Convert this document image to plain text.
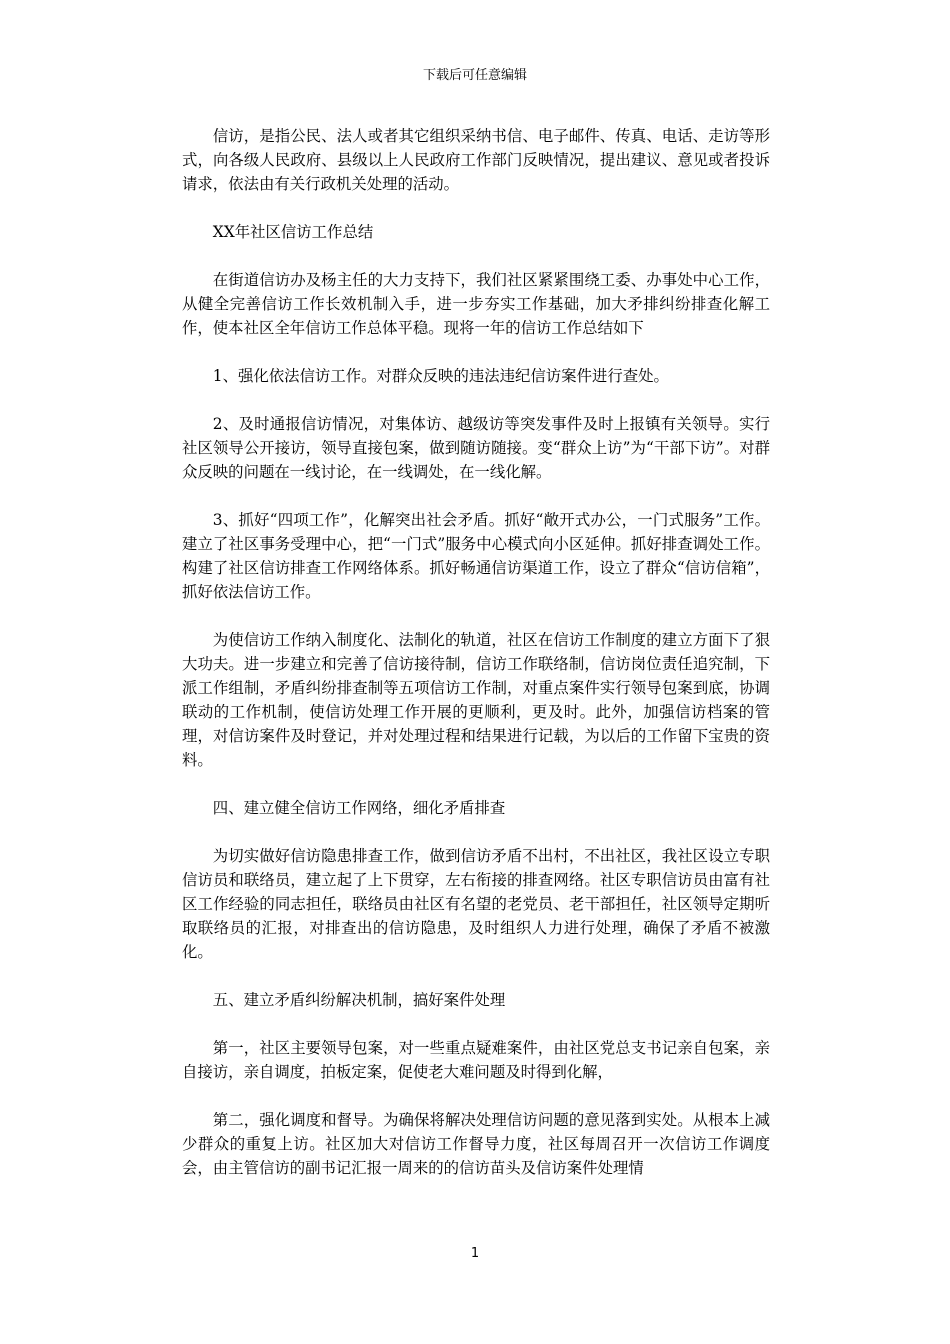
下载后可任意编辑

信访，是指公民、法人或者其它组织采纳书信、电子邮件、传真、电话、走访等形式，向各级人民政府、县级以上人民政府工作部门反映情况，提出建议、意见或者投诉请求，依法由有关行政机关处理的活动。

XX年社区信访工作总结

在街道信访办及杨主任的大力支持下，我们社区紧紧围绕工委、办事处中心工作，从健全完善信访工作长效机制入手，进一步夯实工作基础，加大矛排纠纷排查化解工作，使本社区全年信访工作总体平稳。现将一年的信访工作总结如下

1、强化依法信访工作。对群众反映的违法违纪信访案件进行查处。

2、及时通报信访情况，对集体访、越级访等突发事件及时上报镇有关领导。实行社区领导公开接访，领导直接包案，做到随访随接。变“群众上访”为“干部下访”。对群众反映的问题在一线讨论，在一线调处，在一线化解。

3、抓好“四项工作”，化解突出社会矛盾。抓好“敞开式办公，一门式服务”工作。建立了社区事务受理中心，把“一门式”服务中心模式向小区延伸。抓好排查调处工作。构建了社区信访排查工作网络体系。抓好畅通信访渠道工作，设立了群众“信访信箱”，抓好依法信访工作。

为使信访工作纳入制度化、法制化的轨道，社区在信访工作制度的建立方面下了狠大功夫。进一步建立和完善了信访接待制，信访工作联络制，信访岗位责任追究制，下派工作组制，矛盾纠纷排查制等五项信访工作制，对重点案件实行领导包案到底，协调联动的工作机制，使信访处理工作开展的更顺利，更及时。此外，加强信访档案的管理，对信访案件及时登记，并对处理过程和结果进行记载，为以后的工作留下宝贵的资料。

四、建立健全信访工作网络，细化矛盾排查

为切实做好信访隐患排查工作，做到信访矛盾不出村，不出社区，我社区设立专职信访员和联络员，建立起了上下贯穿，左右衔接的排查网络。社区专职信访员由富有社区工作经验的同志担任，联络员由社区有名望的老党员、老干部担任，社区领导定期听取联络员的汇报，对排查出的信访隐患，及时组织人力进行处理，确保了矛盾不被激化。

五、建立矛盾纠纷解决机制，搞好案件处理

第一，社区主要领导包案，对一些重点疑难案件，由社区党总支书记亲自包案，亲自接访，亲自调度，拍板定案，促使老大难问题及时得到化解，

第二，强化调度和督导。为确保将解决处理信访问题的意见落到实处。从根本上减少群众的重复上访。社区加大对信访工作督导力度，社区每周召开一次信访工作调度会，由主管信访的副书记汇报一周来的的信访苗头及信访案件处理情

1
